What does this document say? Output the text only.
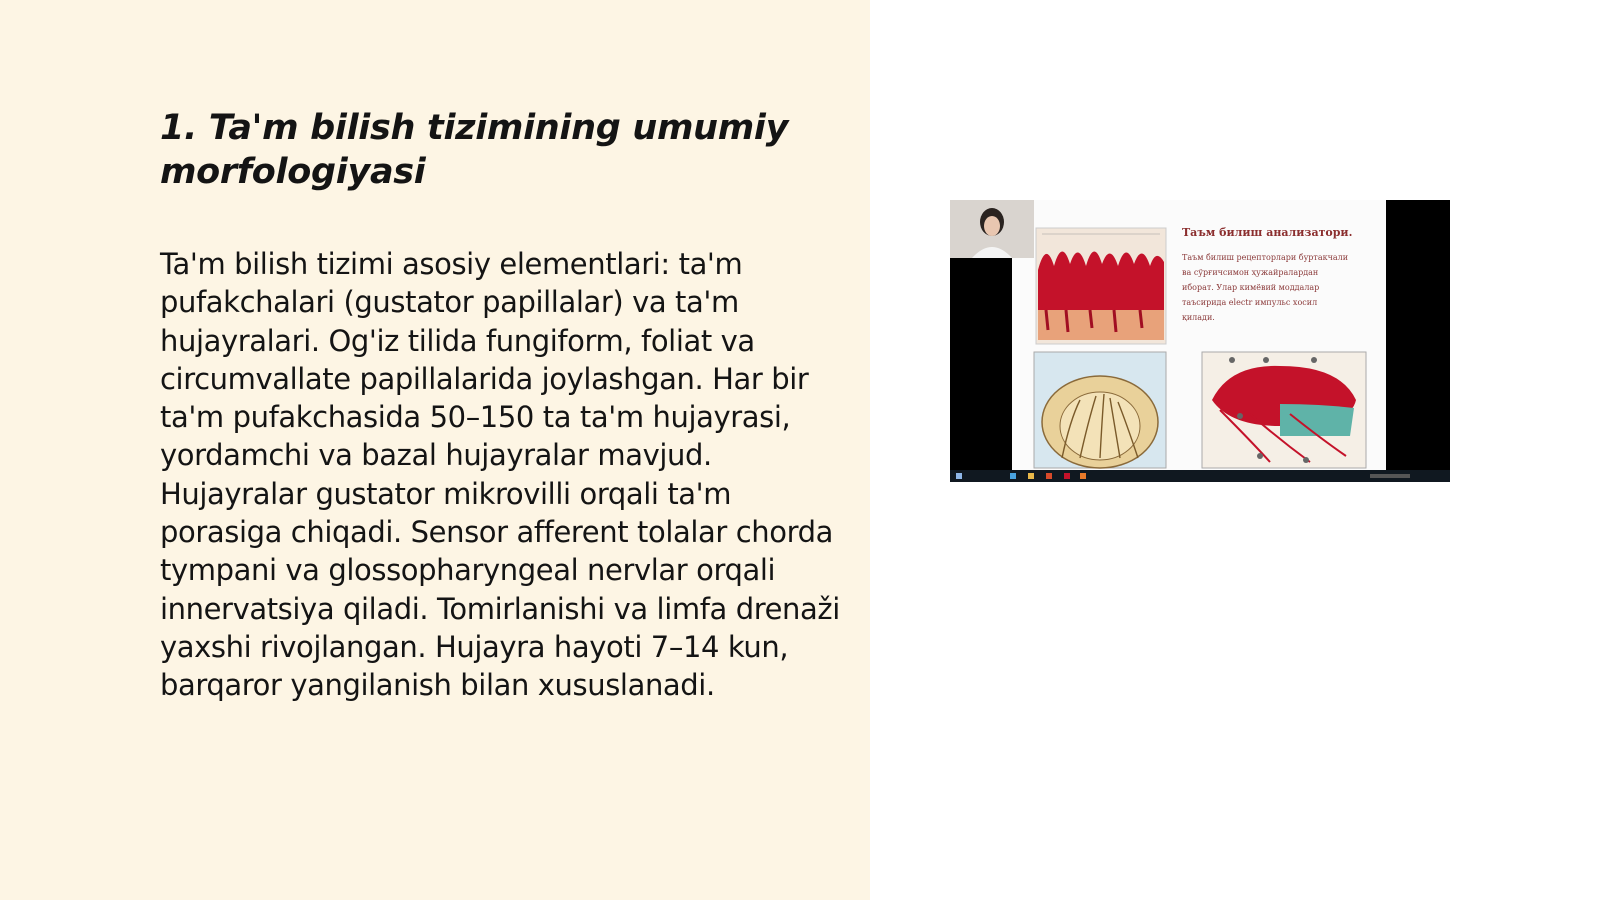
1. Ta'm bilish tizimining umumiy morfologiyasi

Ta'm bilish tizimi asosiy elementlari: ta'm pufakchalari (gustator papillalar) va ta'm hujayralari. Og'iz tilida fungiform, foliat va circumvallate papillalarida joylashgan. Har bir ta'm pufakchasida 50–150 ta ta'm hujayrasi, yordamchi va bazal hujayralar mavjud. Hujayralar gustator mikrovilli orqali ta'm porasiga chiqadi. Sensor afferent tolalar chorda tympani va glossopharyngeal nervlar orqali innervatsiya qiladi. Tomirlanishi va limfa drenaži yaxshi rivojlangan. Hujayra hayoti 7–14 kun, barqaror yangilanish bilan xususlanadi.

Таъм билиш анализатори.
Таъм билиш рецепторлари буртакчали ва сўрғичсимон ҳужайралардан иборат. Улар кимёвий моддалар таъсирида electr импульс хосил қилади.
